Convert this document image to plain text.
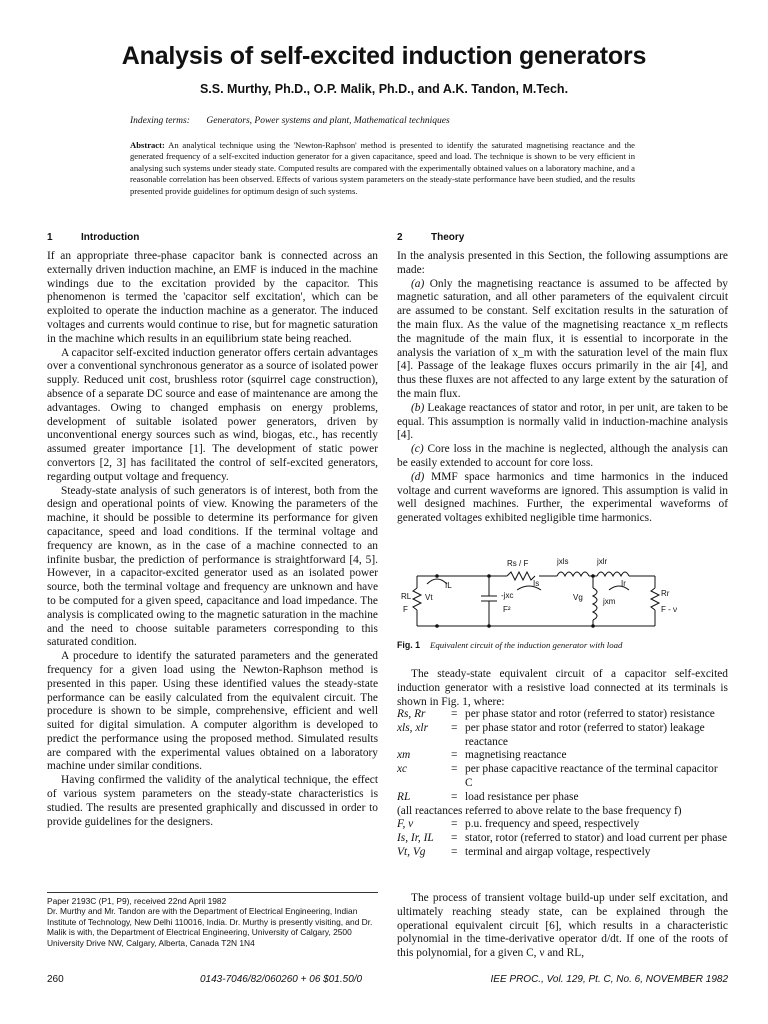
Analysis of self-excited induction generators
S.S. Murthy, Ph.D., O.P. Malik, Ph.D., and A.K. Tandon, M.Tech.
Indexing terms: Generators, Power systems and plant, Mathematical techniques
Abstract: An analytical technique using the 'Newton-Raphson' method is presented to identify the saturated magnetising reactance and the generated frequency of a self-excited induction generator for a given capacitance, speed and load. The technique is shown to be very efficient in analysing such systems under steady state. Computed results are compared with the experimentally obtained values on a laboratory machine, and a reasonable correlation has been observed. Effects of various system parameters on the steady-state performance have been studied, and the results presented provide guidelines for optimum design of such systems.
1	Introduction	2	Theory

If an appropriate three-phase capacitor bank is connected across an externally driven induction machine, an EMF is induced in the machine windings due to the excitation provided by the capacitor. This phenomenon is termed the 'capacitor self excitation', which can be exploited to operate the induction machine as a generator. The induced voltages and currents would continue to rise, but for magnetic saturation in the machine which results in an equilibrium state being reached.

A capacitor self-excited induction generator offers certain advantages over a conventional synchronous generator as a source of isolated power supply. Reduced unit cost, brushless rotor (squirrel cage construction), absence of a separate DC source and ease of maintenance are among the advantages. Owing to changed emphasis on energy problems, development of suitable isolated power generators, driven by unconventional energy sources such as wind, biogas, etc., has recently assumed greater importance [1]. The development of static power convertors [2, 3] has facilitated the control of self-excited generators, regarding output voltage and frequency.

Steady-state analysis of such generators is of interest, both from the design and operational points of view. Knowing the parameters of the machine, it should be possible to determine its performance for given capacitance, speed and load conditions. If the terminal voltage and frequency are known, as in the case of a machine connected to an infinite busbar, the prediction of performance is straightforward [4, 5]. However, in a capacitor-excited generator used as an isolated power source, both the terminal voltage and frequency are unknown and have to be computed for a given speed, capacitance and load impedance. The analysis is complicated owing to the magnetic saturation in the machine and the need to choose suitable parameters corresponding to this saturated condition.

A procedure to identify the saturated parameters and the generated frequency for a given load using the Newton-Raphson method is presented in this paper. Using these identified values the steady-state performance can be easily calculated from the equivalent circuit. The procedure is shown to be simple, comprehensive, efficient and well suited for digital simulation. A computer algorithm is developed to predict the performance using the proposed method. Simulated results are compared with the experimental values obtained on a laboratory machine under similar conditions.

Having confirmed the validity of the analytical technique, the effect of various system parameters on the steady-state characteristics is studied. The results are presented graphically and discussed in order to provide guidelines for the designers.

In the analysis presented in this Section, the following assumptions are made:

(a) Only the magnetising reactance is assumed to be affected by magnetic saturation, and all other parameters of the equivalent circuit are assumed to be constant. Self excitation results in the saturation of the main flux. As the value of the magnetising reactance x_m reflects the magnitude of the main flux, it is essential to incorporate in the analysis the variation of x_m with the saturation level of the main flux [4]. Passage of the leakage fluxes occurs primarily in the air [4], and thus these fluxes are not affected to any large extent by the saturation of the main flux.

(b) Leakage reactances of stator and rotor, in per unit, are taken to be equal. This assumption is normally valid in induction-machine analysis [4].

(c) Core loss in the machine is neglected, although the analysis can be easily extended to account for core loss.

(d) MMF space harmonics and time harmonics in the induced voltage and current waveforms are ignored. This assumption is valid in well designed machines. Further, the experimental waveforms of generated voltages exhibited negligible time harmonics.

Rs / F	jxls	jxlr
IL	Is	Ir
RL
F
Vt	-jxc
F²
Vg	jxm
Rr
F - ν
Fig. 1 Equivalent circuit of the induction generator with load

The steady-state equivalent circuit of a capacitor self-excited induction generator with a resistive load connected at its terminals is shown in Fig. 1, where:

Rs, Rr	= per phase stator and rotor (referred to stator) resistance
xls, xlr	= per phase stator and rotor (referred to stator) leakage reactance
xm	= magnetising reactance
xc	= per phase capacitive reactance of the terminal capacitor C
RL	= load resistance per phase
(all reactances referred to above relate to the base frequency f)
F, ν	= p.u. frequency and speed, respectively
Is, Ir, IL	= stator, rotor (referred to stator) and load current per phase
Vt, Vg	= terminal and airgap voltage, respectively

The process of transient voltage build-up under self excitation, and ultimately reaching steady state, can be explained through the operational equivalent circuit [6], which results in a characteristic polynomial in the time-derivative operator d/dt. If one of the roots of this polynomial, for a given C, ν and RL,

Paper 2193C (P1, P9), received 22nd April 1982
Dr. Murthy and Mr. Tandon are with the Department of Electrical Engineering, Indian Institute of Technology, New Delhi 110016, India. Dr. Murthy is presently visiting, and Dr. Malik is with, the Department of Electrical Engineering, University of Calgary, 2500 University Drive NW, Calgary, Alberta, Canada T2N 1N4
260	0143-7046/82/060260 + 06 $01.50/0	IEE PROC., Vol. 129, Pt. C, No. 6, NOVEMBER 1982
